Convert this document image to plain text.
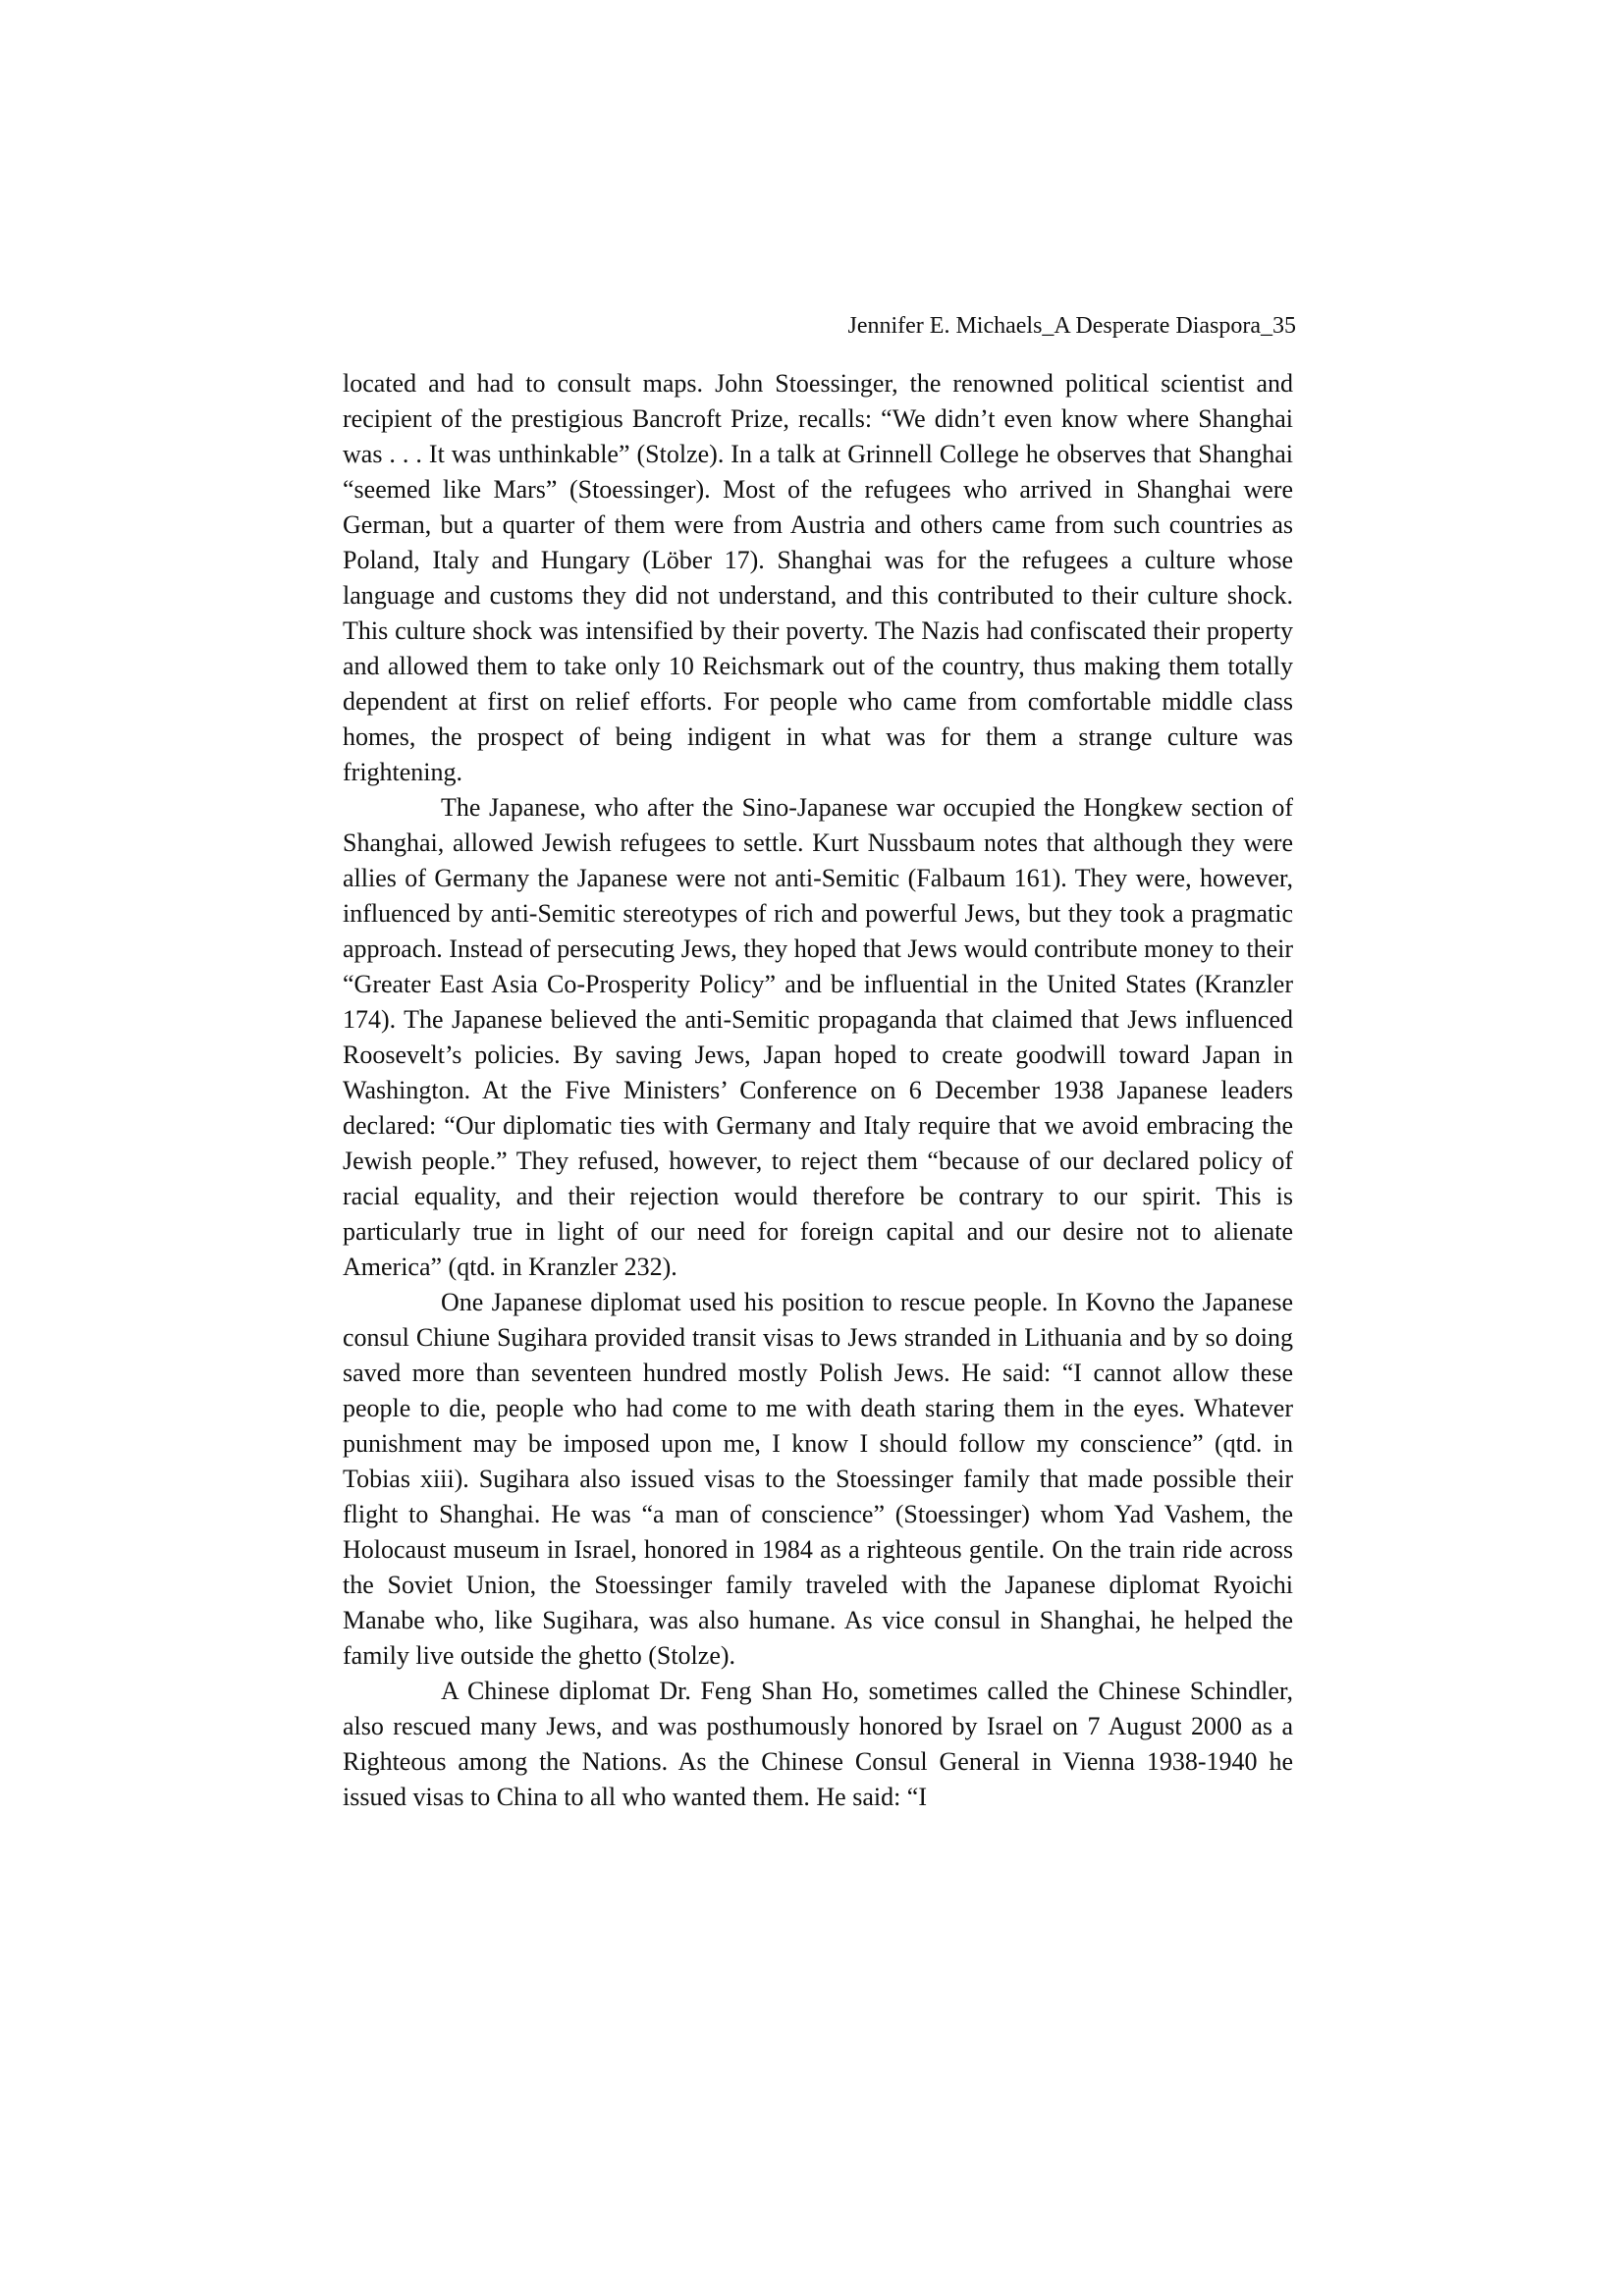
Jennifer E. Michaels_A Desperate Diaspora_35

located and had to consult maps. John Stoessinger, the renowned political scientist and recipient of the prestigious Bancroft Prize, recalls: “We didn’t even know where Shanghai was . . . It was unthinkable” (Stolze). In a talk at Grinnell College he observes that Shanghai “seemed like Mars” (Stoessinger). Most of the refugees who arrived in Shanghai were German, but a quarter of them were from Austria and others came from such countries as Poland, Italy and Hungary (Löber 17). Shanghai was for the refugees a culture whose language and customs they did not understand, and this contributed to their culture shock. This culture shock was intensified by their poverty. The Nazis had confiscated their property and allowed them to take only 10 Reichsmark out of the country, thus making them totally dependent at first on relief efforts. For people who came from comfortable middle class homes, the prospect of being indigent in what was for them a strange culture was frightening.

The Japanese, who after the Sino-Japanese war occupied the Hongkew section of Shanghai, allowed Jewish refugees to settle. Kurt Nussbaum notes that although they were allies of Germany the Japanese were not anti-Semitic (Falbaum 161). They were, however, influenced by anti-Semitic stereotypes of rich and powerful Jews, but they took a pragmatic approach. Instead of persecuting Jews, they hoped that Jews would contribute money to their “Greater East Asia Co-Prosperity Policy” and be influential in the United States (Kranzler 174). The Japanese believed the anti-Semitic propaganda that claimed that Jews influenced Roosevelt’s policies. By saving Jews, Japan hoped to create goodwill toward Japan in Washington. At the Five Ministers’ Conference on 6 December 1938 Japanese leaders declared: “Our diplomatic ties with Germany and Italy require that we avoid embracing the Jewish people.” They refused, however, to reject them “because of our declared policy of racial equality, and their rejection would therefore be contrary to our spirit. This is particularly true in light of our need for foreign capital and our desire not to alienate America” (qtd. in Kranzler 232).

One Japanese diplomat used his position to rescue people. In Kovno the Japanese consul Chiune Sugihara provided transit visas to Jews stranded in Lithuania and by so doing saved more than seventeen hundred mostly Polish Jews. He said: “I cannot allow these people to die, people who had come to me with death staring them in the eyes. Whatever punishment may be imposed upon me, I know I should follow my conscience” (qtd. in Tobias xiii). Sugihara also issued visas to the Stoessinger family that made possible their flight to Shanghai. He was “a man of conscience” (Stoessinger) whom Yad Vashem, the Holocaust museum in Israel, honored in 1984 as a righteous gentile. On the train ride across the Soviet Union, the Stoessinger family traveled with the Japanese diplomat Ryoichi Manabe who, like Sugihara, was also humane. As vice consul in Shanghai, he helped the family live outside the ghetto (Stolze).

A Chinese diplomat Dr. Feng Shan Ho, sometimes called the Chinese Schindler, also rescued many Jews, and was posthumously honored by Israel on 7 August 2000 as a Righteous among the Nations. As the Chinese Consul General in Vienna 1938-1940 he issued visas to China to all who wanted them. He said: “I
